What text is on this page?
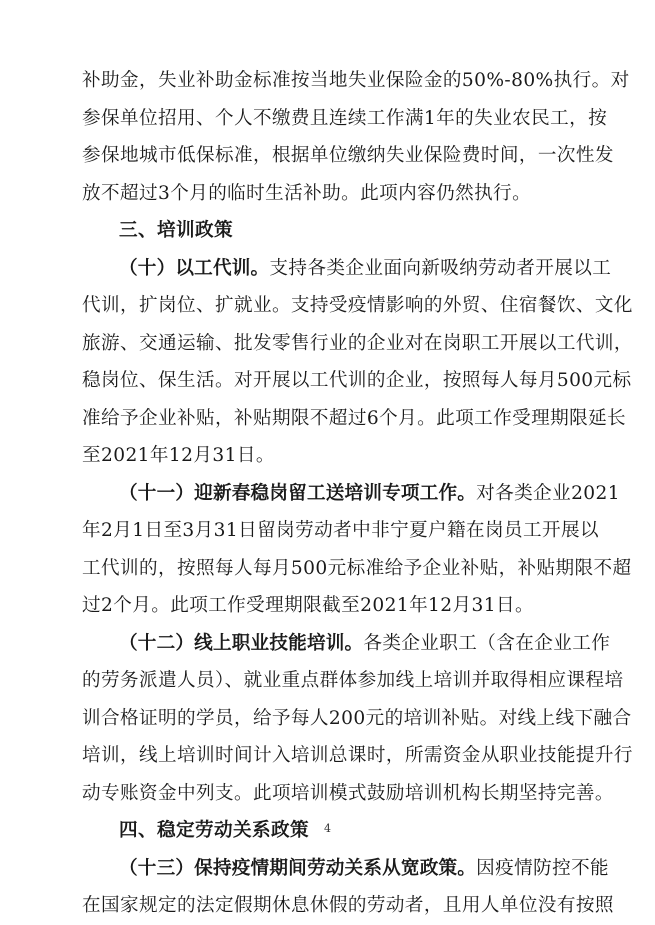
补助金，失业补助金标准按当地失业保险金的50%-80%执行。对
参保单位招用、个人不缴费且连续工作满1年的失业农民工，按
参保地城市低保标准，根据单位缴纳失业保险费时间，一次性发
放不超过3个月的临时生活补助。此项内容仍然执行。
三、培训政策
（十）以工代训。支持各类企业面向新吸纳劳动者开展以工
代训，扩岗位、扩就业。支持受疫情影响的外贸、住宿餐饮、文化
旅游、交通运输、批发零售行业的企业对在岗职工开展以工代训，
稳岗位、保生活。对开展以工代训的企业，按照每人每月500元标
准给予企业补贴，补贴期限不超过6个月。此项工作受理期限延长
至2021年12月31日。
（十一）迎新春稳岗留工送培训专项工作。对各类企业2021
年2月1日至3月31日留岗劳动者中非宁夏户籍在岗员工开展以
工代训的，按照每人每月500元标准给予企业补贴，补贴期限不超
过2个月。此项工作受理期限截至2021年12月31日。
（十二）线上职业技能培训。各类企业职工（含在企业工作
的劳务派遣人员）、就业重点群体参加线上培训并取得相应课程培
训合格证明的学员，给予每人200元的培训补贴。对线上线下融合
培训，线上培训时间计入培训总课时，所需资金从职业技能提升行
动专账资金中列支。此项培训模式鼓励培训机构长期坚持完善。
四、稳定劳动关系政策
（十三）保持疫情期间劳动关系从宽政策。因疫情防控不能
在国家规定的法定假期休息休假的劳动者，且用人单位没有按照
4
